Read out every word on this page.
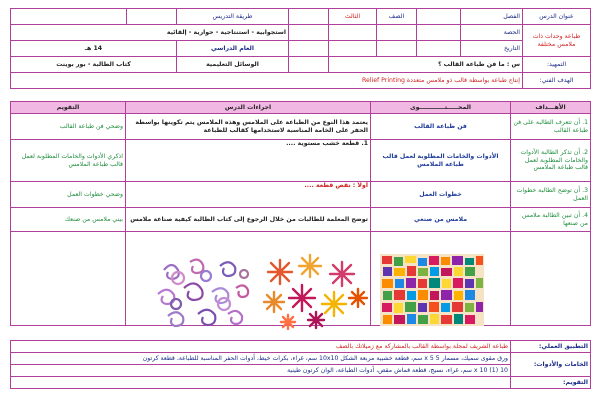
عنوان الدرس	الفصل		الصف	الثالث		طريقة التدريس		
طباعة وحدات ذات ملامس مختلفة	الحصة					استجوابية - استنتاجية - حوارية - إلقائية		
	التاريخ					العام الدراسي	14 هـ	
التمهيد:	س : ما فن طباعة القالب ؟					الوسائل التعليمية	كتاب الطالبة - بور بوينت	
الهدف الفني:	إنتاج طباعة بواسطة قالب ذو ملامس متعددة Relief Printing							
الأهـــداف	المحـــــتــــــــــــوى	اجراءات الدرس	التقويم
1. أن تتعرف الطالبة على فن طباعة القالب	فن طباعة القالب	يعتمد هذا النوع من الطباعة على الملامس وهذه الملامس يتم تكوينها بواسطة الحفر على الخامة المناسبة لاستخدامها كقالب للطباعة	وضحي فن طباعة القالب
2. أن تذكر الطالبة الأدوات والخامات المطلوبة لعمل قالب طباعة الملامس	الأدوات والخامات المطلوبة لعمل قالب طباعة الملامس	1. قطعة خشب مستوية ....	اذكري الأدوات والخامات المطلوبة لعمل قالب طباعة الملامس
3. أن توضح الطالبة خطوات العمل	خطوات العمل	أولاً : نقص قطعة ....	وضحي خطوات العمل
4. أن تبين الطالبة ملامس من صنعها	ملامس من صنعي	توضح المعلمة للطالبات من خلال الرجوع إلى كتاب الطالبة كيفية صناعة ملامس	بيني ملامس من صنعك

التطبيق العملي:	طباعة الشريف لمجلة بواسطة القالب بالمشاركة مع زميلاتك بالصف
الخامات والأدوات:	ورق مقوى سميك، مسمار 5 x 5 سم، قطعة خشبية مربعة الشكل 10x10 سم، غراء، بكرات خيط، أدوات الحفر المناسبة للطباعة، قطعة كرتون
	10 x 10 (1) سم، غراء، نسيج، قطعة قماش مقص، أدوات الطباعة، الوان كرتون طينية
التقويم:	
